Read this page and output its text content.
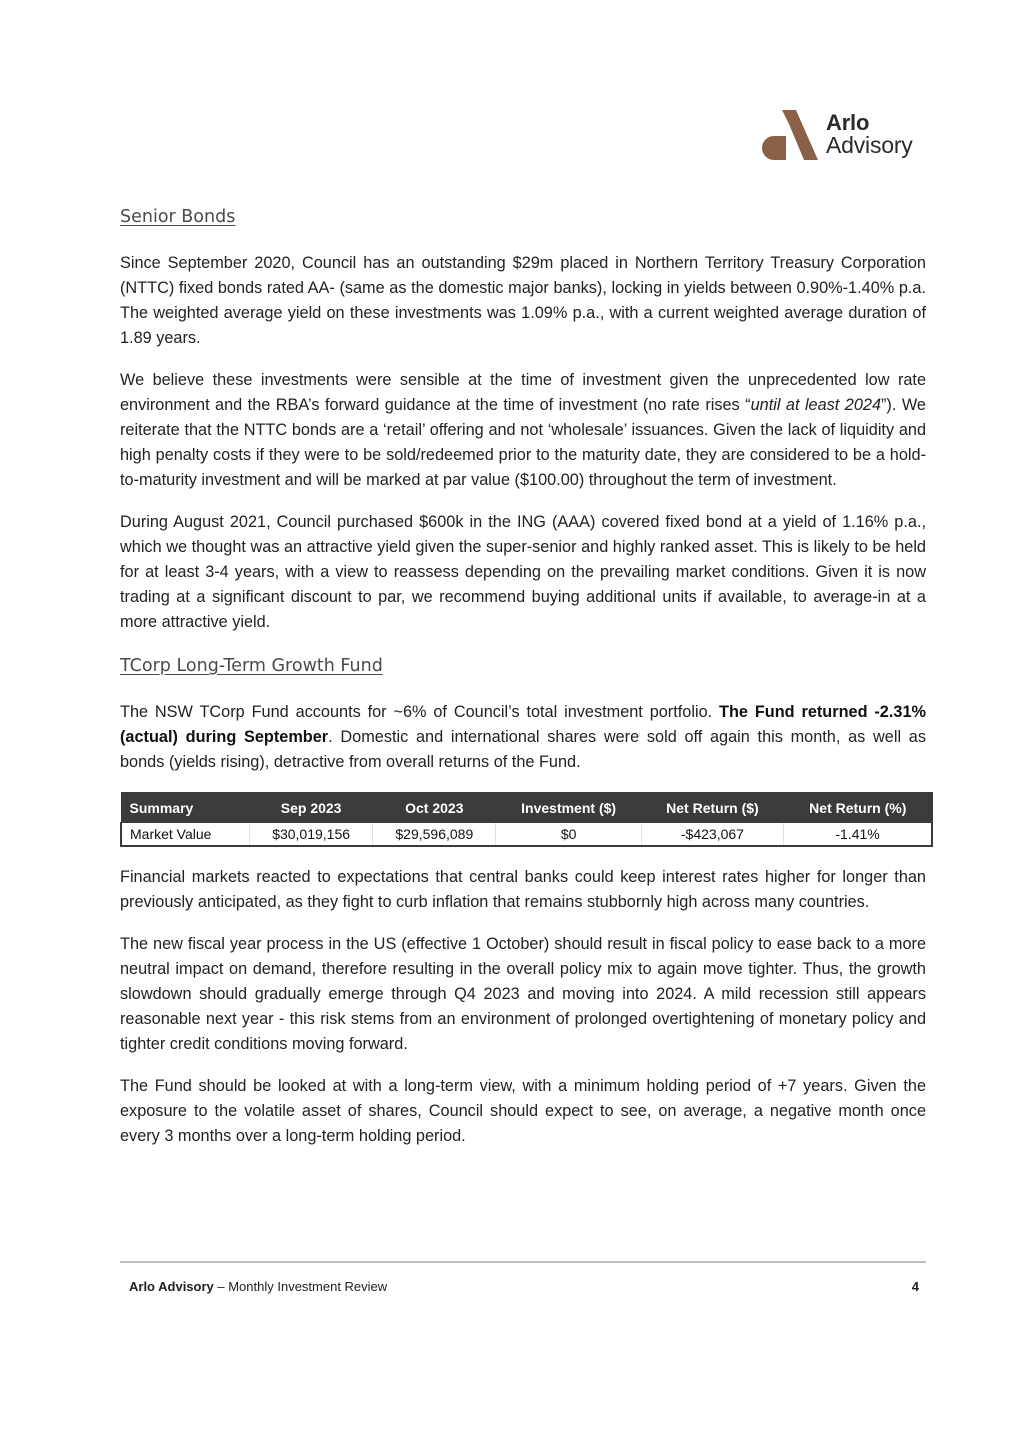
Arlo
Advisory
Senior Bonds

Since September 2020, Council has an outstanding $29m placed in Northern Territory Treasury Corporation (NTTC) fixed bonds rated AA- (same as the domestic major banks), locking in yields between 0.90%-1.40% p.a. The weighted average yield on these investments was 1.09% p.a., with a current weighted average duration of 1.89 years.

We believe these investments were sensible at the time of investment given the unprecedented low rate environment and the RBA’s forward guidance at the time of investment (no rate rises “until at least 2024”). We reiterate that the NTTC bonds are a ‘retail’ offering and not ‘wholesale’ issuances. Given the lack of liquidity and high penalty costs if they were to be sold/redeemed prior to the maturity date, they are considered to be a hold-to-maturity investment and will be marked at par value ($100.00) throughout the term of investment.

During August 2021, Council purchased $600k in the ING (AAA) covered fixed bond at a yield of 1.16% p.a., which we thought was an attractive yield given the super-senior and highly ranked asset. This is likely to be held for at least 3-4 years, with a view to reassess depending on the prevailing market conditions. Given it is now trading at a significant discount to par, we recommend buying additional units if available, to average-in at a more attractive yield.

TCorp Long-Term Growth Fund

The NSW TCorp Fund accounts for ~6% of Council’s total investment portfolio. The Fund returned -2.31% (actual) during September. Domestic and international shares were sold off again this month, as well as bonds (yields rising), detractive from overall returns of the Fund.

Summary	Sep 2023	Oct 2023	Investment ($)	Net Return ($)	Net Return (%)
Market Value	$30,019,156	$29,596,089	$0	-$423,067	-1.41%

Financial markets reacted to expectations that central banks could keep interest rates higher for longer than previously anticipated, as they fight to curb inflation that remains stubbornly high across many countries.

The new fiscal year process in the US (effective 1 October) should result in fiscal policy to ease back to a more neutral impact on demand, therefore resulting in the overall policy mix to again move tighter. Thus, the growth slowdown should gradually emerge through Q4 2023 and moving into 2024. A mild recession still appears reasonable next year - this risk stems from an environment of prolonged overtightening of monetary policy and tighter credit conditions moving forward.

The Fund should be looked at with a long-term view, with a minimum holding period of +7 years. Given the exposure to the volatile asset of shares, Council should expect to see, on average, a negative month once every 3 months over a long-term holding period.

Arlo Advisory – Monthly Investment Review	4
